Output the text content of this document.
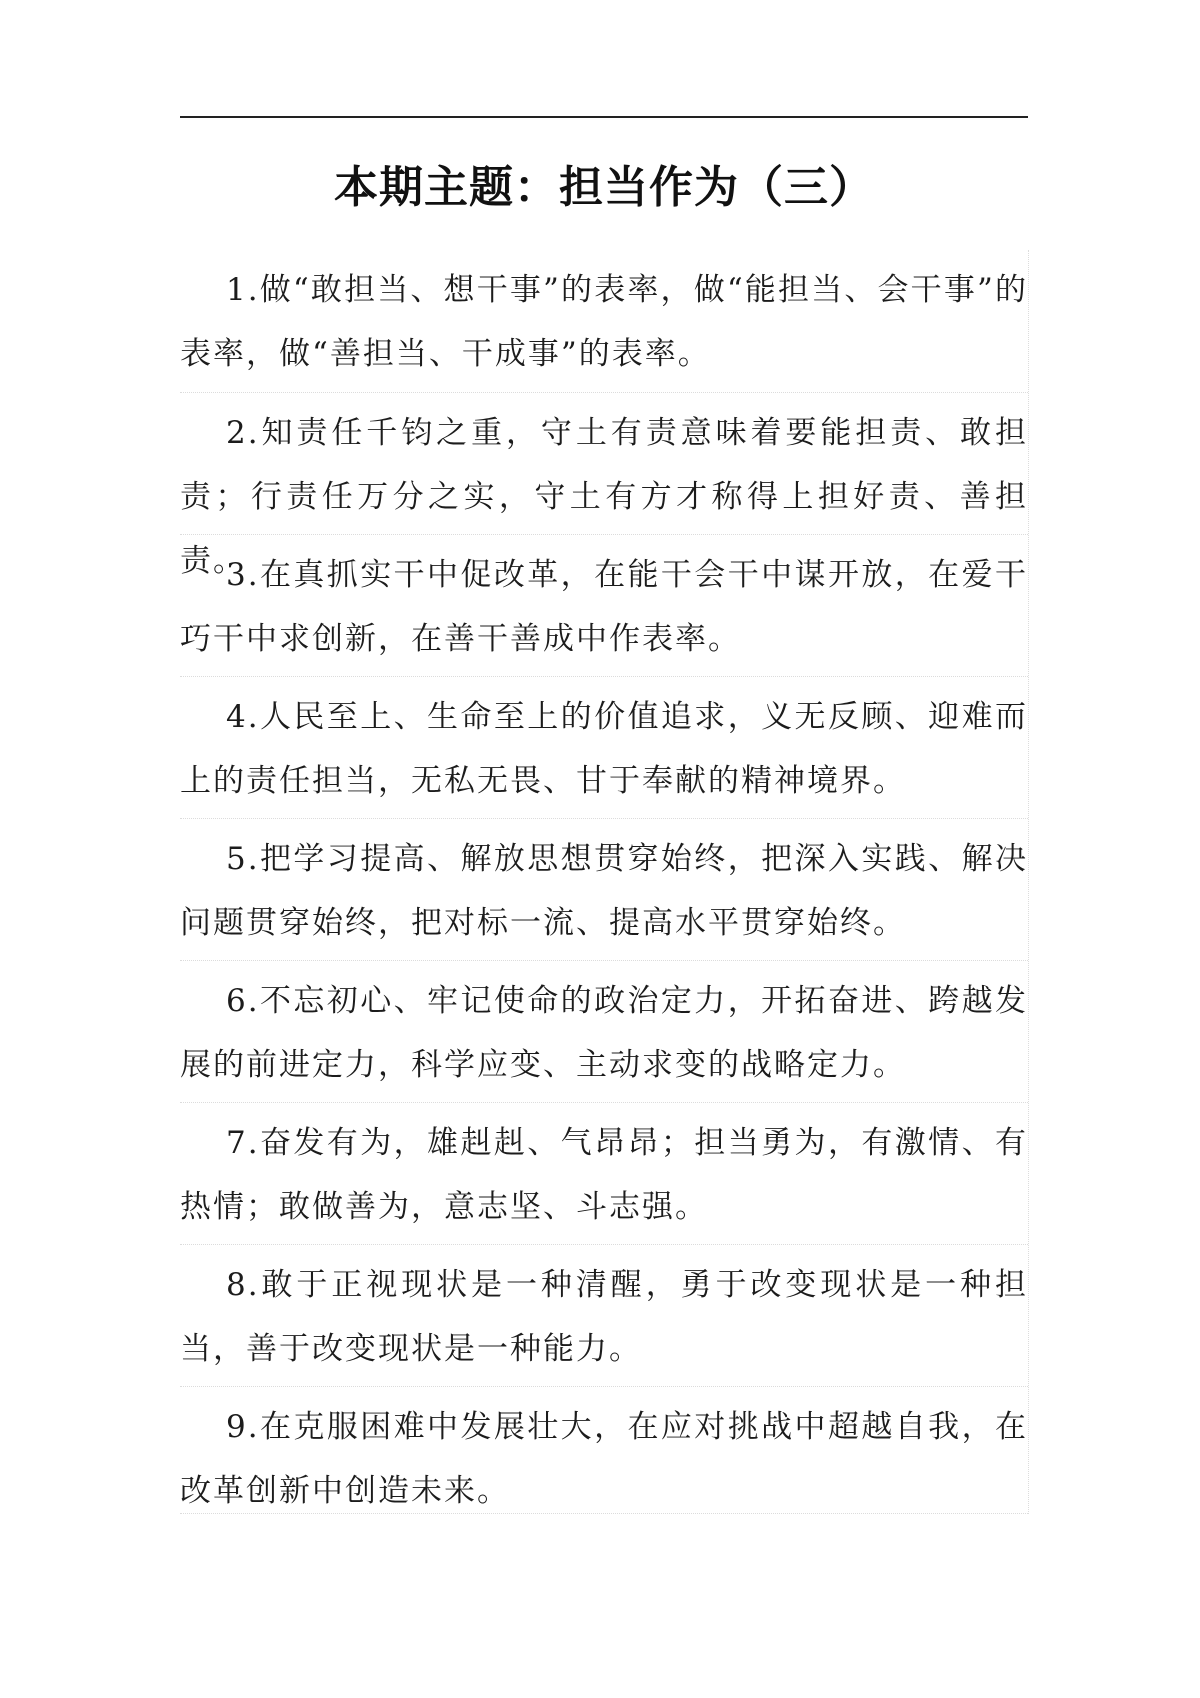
本期主题：担当作为（三）

1.做“敢担当、想干事”的表率，做“能担当、会干事”的表率，做“善担当、干成事”的表率。

2.知责任千钧之重，守土有责意味着要能担责、敢担责；行责任万分之实，守土有方才称得上担好责、善担责。

3.在真抓实干中促改革，在能干会干中谋开放，在爱干巧干中求创新，在善干善成中作表率。

4.人民至上、生命至上的价值追求，义无反顾、迎难而上的责任担当，无私无畏、甘于奉献的精神境界。

5.把学习提高、解放思想贯穿始终，把深入实践、解决问题贯穿始终，把对标一流、提高水平贯穿始终。

6.不忘初心、牢记使命的政治定力，开拓奋进、跨越发展的前进定力，科学应变、主动求变的战略定力。

7.奋发有为，雄赳赳、气昂昂；担当勇为，有激情、有热情；敢做善为，意志坚、斗志强。

8.敢于正视现状是一种清醒，勇于改变现状是一种担当，善于改变现状是一种能力。

9.在克服困难中发展壮大，在应对挑战中超越自我，在改革创新中创造未来。
